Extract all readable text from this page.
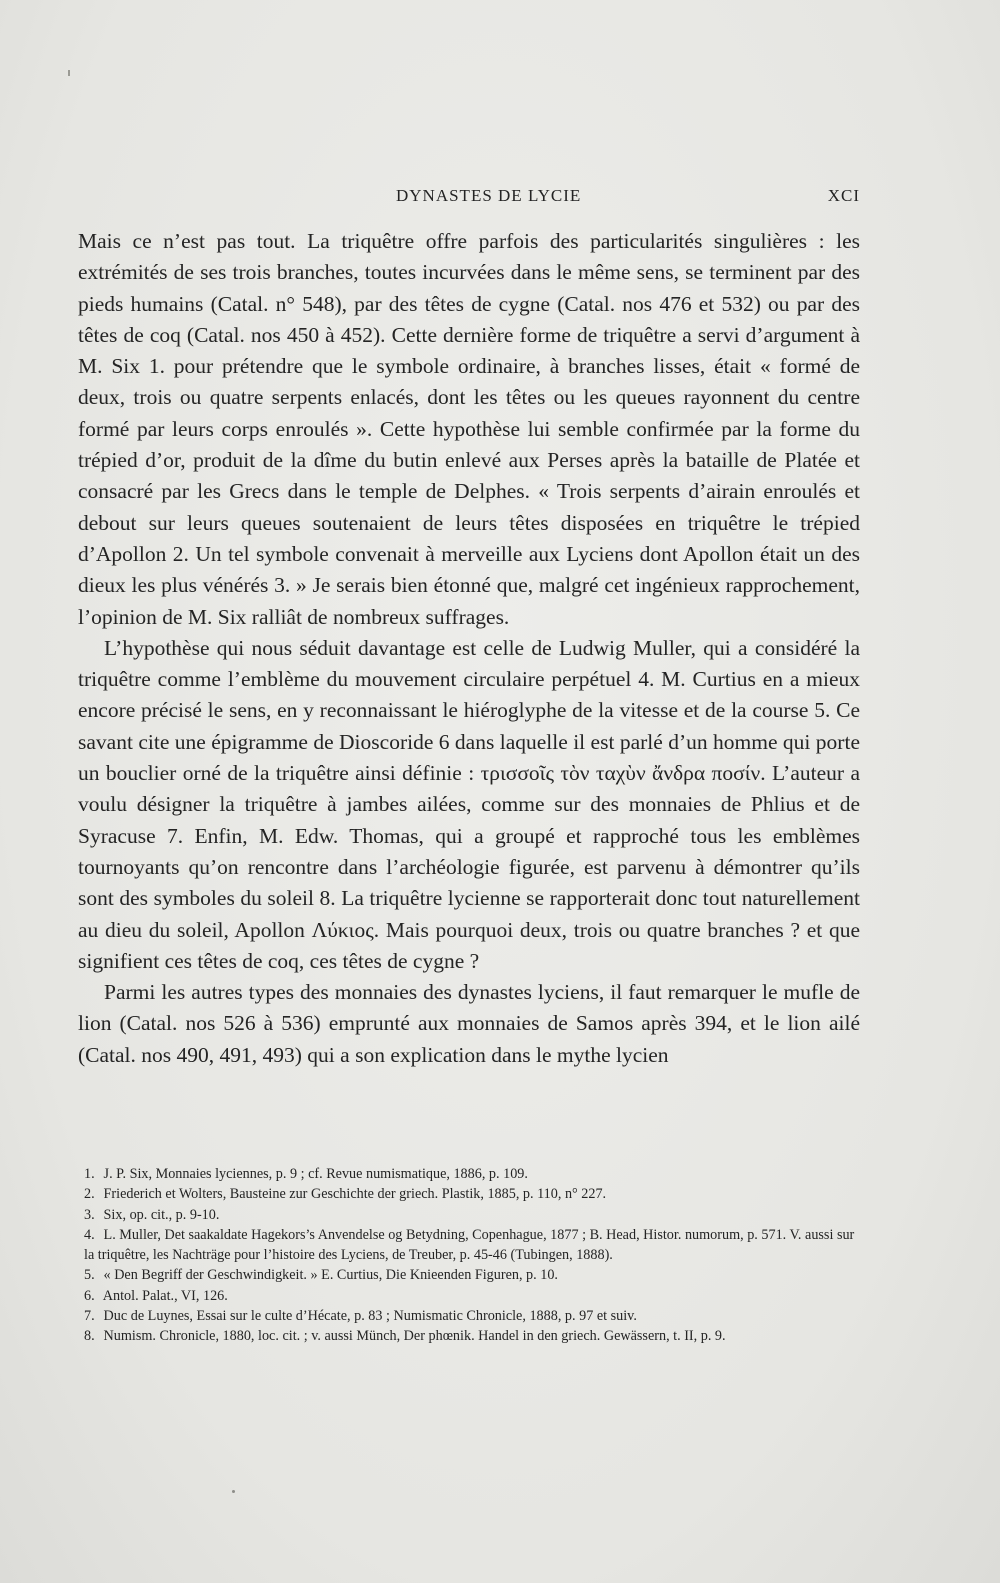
DYNASTES DE LYCIE	XCI

Mais ce n’est pas tout. La triquêtre offre parfois des particularités singulières : les extrémités de ses trois branches, toutes incurvées dans le même sens, se terminent par des pieds humains (Catal. n° 548), par des têtes de cygne (Catal. nos 476 et 532) ou par des têtes de coq (Catal. nos 450 à 452). Cette dernière forme de triquêtre a servi d’argument à M. Six 1. pour prétendre que le symbole ordinaire, à branches lisses, était « formé de deux, trois ou quatre serpents enlacés, dont les têtes ou les queues rayonnent du centre formé par leurs corps enroulés ». Cette hypothèse lui semble confirmée par la forme du trépied d’or, produit de la dîme du butin enlevé aux Perses après la bataille de Platée et consacré par les Grecs dans le temple de Delphes. « Trois serpents d’airain enroulés et debout sur leurs queues soutenaient de leurs têtes disposées en triquêtre le trépied d’Apollon 2. Un tel symbole convenait à merveille aux Lyciens dont Apollon était un des dieux les plus vénérés 3. » Je serais bien étonné que, malgré cet ingénieux rapprochement, l’opinion de M. Six ralliât de nombreux suffrages.

L’hypothèse qui nous séduit davantage est celle de Ludwig Muller, qui a considéré la triquêtre comme l’emblème du mouvement circulaire perpétuel 4. M. Curtius en a mieux encore précisé le sens, en y reconnaissant le hiéroglyphe de la vitesse et de la course 5. Ce savant cite une épigramme de Dioscoride 6 dans laquelle il est parlé d’un homme qui porte un bouclier orné de la triquêtre ainsi définie : τρισσοῖς τὸν ταχὺν ἄνδρα ποσίν. L’auteur a voulu désigner la triquêtre à jambes ailées, comme sur des monnaies de Phlius et de Syracuse 7. Enfin, M. Edw. Thomas, qui a groupé et rapproché tous les emblèmes tournoyants qu’on rencontre dans l’archéologie figurée, est parvenu à démontrer qu’ils sont des symboles du soleil 8. La triquêtre lycienne se rapporterait donc tout naturellement au dieu du soleil, Apollon Λύκιος. Mais pourquoi deux, trois ou quatre branches ? et que signifient ces têtes de coq, ces têtes de cygne ?

Parmi les autres types des monnaies des dynastes lyciens, il faut remarquer le mufle de lion (Catal. nos 526 à 536) emprunté aux monnaies de Samos après 394, et le lion ailé (Catal. nos 490, 491, 493) qui a son explication dans le mythe lycien

1. J. P. Six, Monnaies lyciennes, p. 9 ; cf. Revue numismatique, 1886, p. 109.

2. Friederich et Wolters, Bausteine zur Geschichte der griech. Plastik, 1885, p. 110, n° 227.

3. Six, op. cit., p. 9-10.

4. L. Muller, Det saakaldate Hagekors’s Anvendelse og Betydning, Copenhague, 1877 ; B. Head, Histor. numorum, p. 571. V. aussi sur la triquêtre, les Nachträge pour l’histoire des Lyciens, de Treuber, p. 45-46 (Tubingen, 1888).

5. « Den Begriff der Geschwindigkeit. » E. Curtius, Die Knieenden Figuren, p. 10.

6. Antol. Palat., VI, 126.

7. Duc de Luynes, Essai sur le culte d’Hécate, p. 83 ; Numismatic Chronicle, 1888, p. 97 et suiv.

8. Numism. Chronicle, 1880, loc. cit. ; v. aussi Münch, Der phœnik. Handel in den griech. Gewässern, t. II, p. 9.
